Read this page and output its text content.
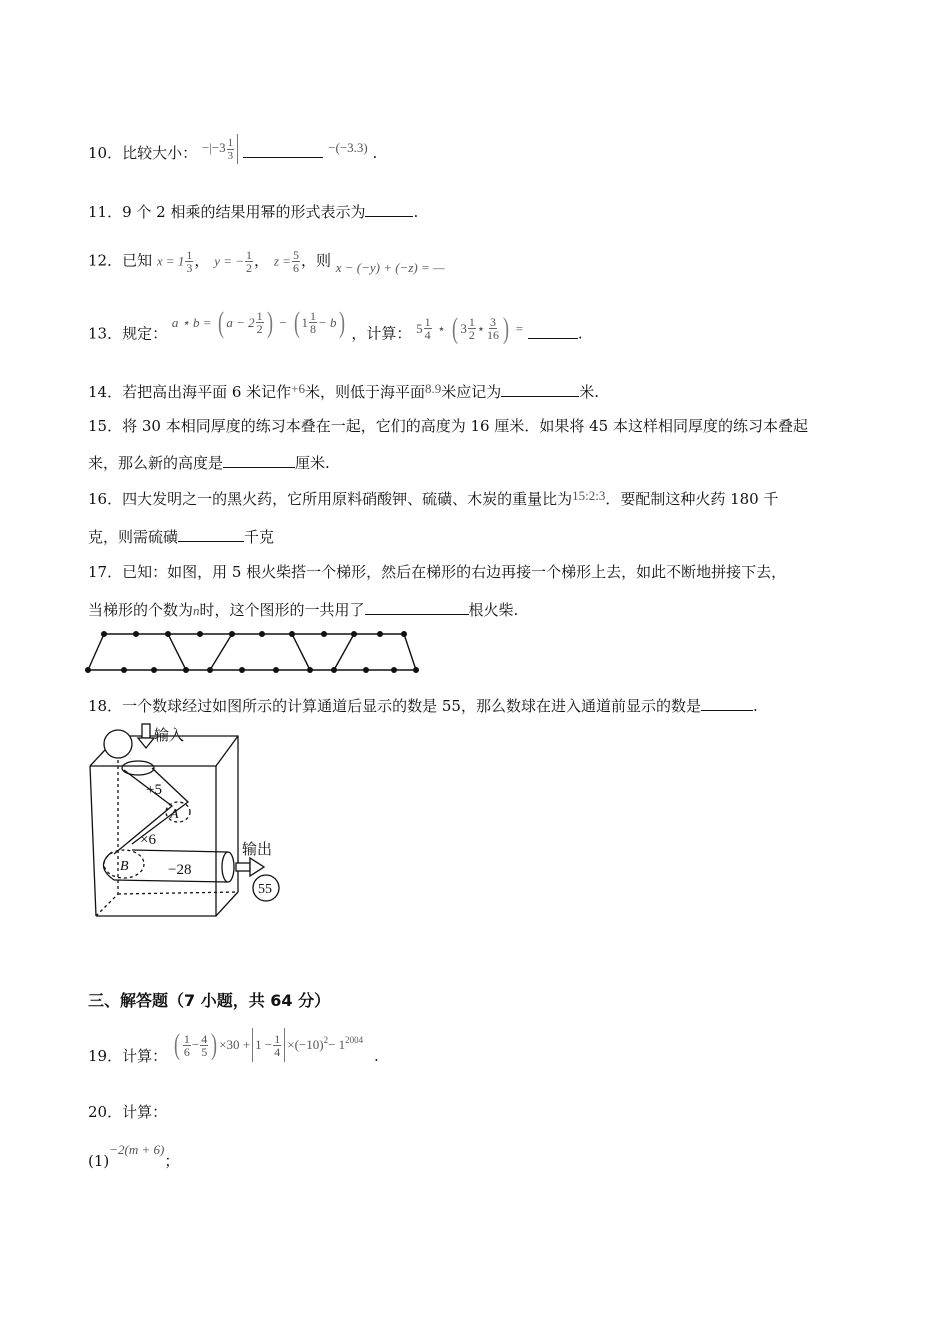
10．比较大小： $-|-3 \frac{1}{3}$	−(−3.3) .
11．9 个 2 相乘的结果用幂的形式表示为	.
12．已知 $x = 1 \frac{1}{3}$ ， y = − $\frac{1}{2}$ ， $z = \frac{5}{6}$ ，则 x − (−y) + (−z) = —
13．规定： a ⋆ b = ( $a - 2 \frac{1}{2}$ ) − ( $1 \frac{1}{8} - b$) ，计算： $5 \frac{1}{4}$ ⋆ ( $3 \frac{1}{2}$ ⋆ $\frac{3}{16}$ ) =	.
14．若把高出海平面 6 米记作+6米，则低于海平面8.9米应记为	米.
15．将 30 本相同厚度的练习本叠在一起，它们的高度为 16 厘米．如果将 45 本这样相同厚度的练习本叠起
来，那么新的高度是	厘米.
16．四大发明之一的黑火药，它所用原料硝酸钾、硫磺、木炭的重量比为15:2:3．要配制这种火药 180 千
克，则需硫磺	千克
17．已知：如图，用 5 根火柴搭一个梯形，然后在梯形的右边再接一个梯形上去，如此不断地拼接下去，
当梯形的个数为n时，这个图形的一共用了	根火柴.
18．一个数球经过如图所示的计算通道后显示的数是 55，那么数球在进入通道前显示的数是	.
输入
输出
+5
×6
−28
A
B
55
三、解答题（7 小题，共 64 分）
19．计算： ( $\frac{1}{6} - \frac{4}{5}$ ) $\times 30 + 1 - \frac{1}{4} \times(-10)^2- 1^{2004}$ .
20．计算：
(1)−2(m + 6)；
